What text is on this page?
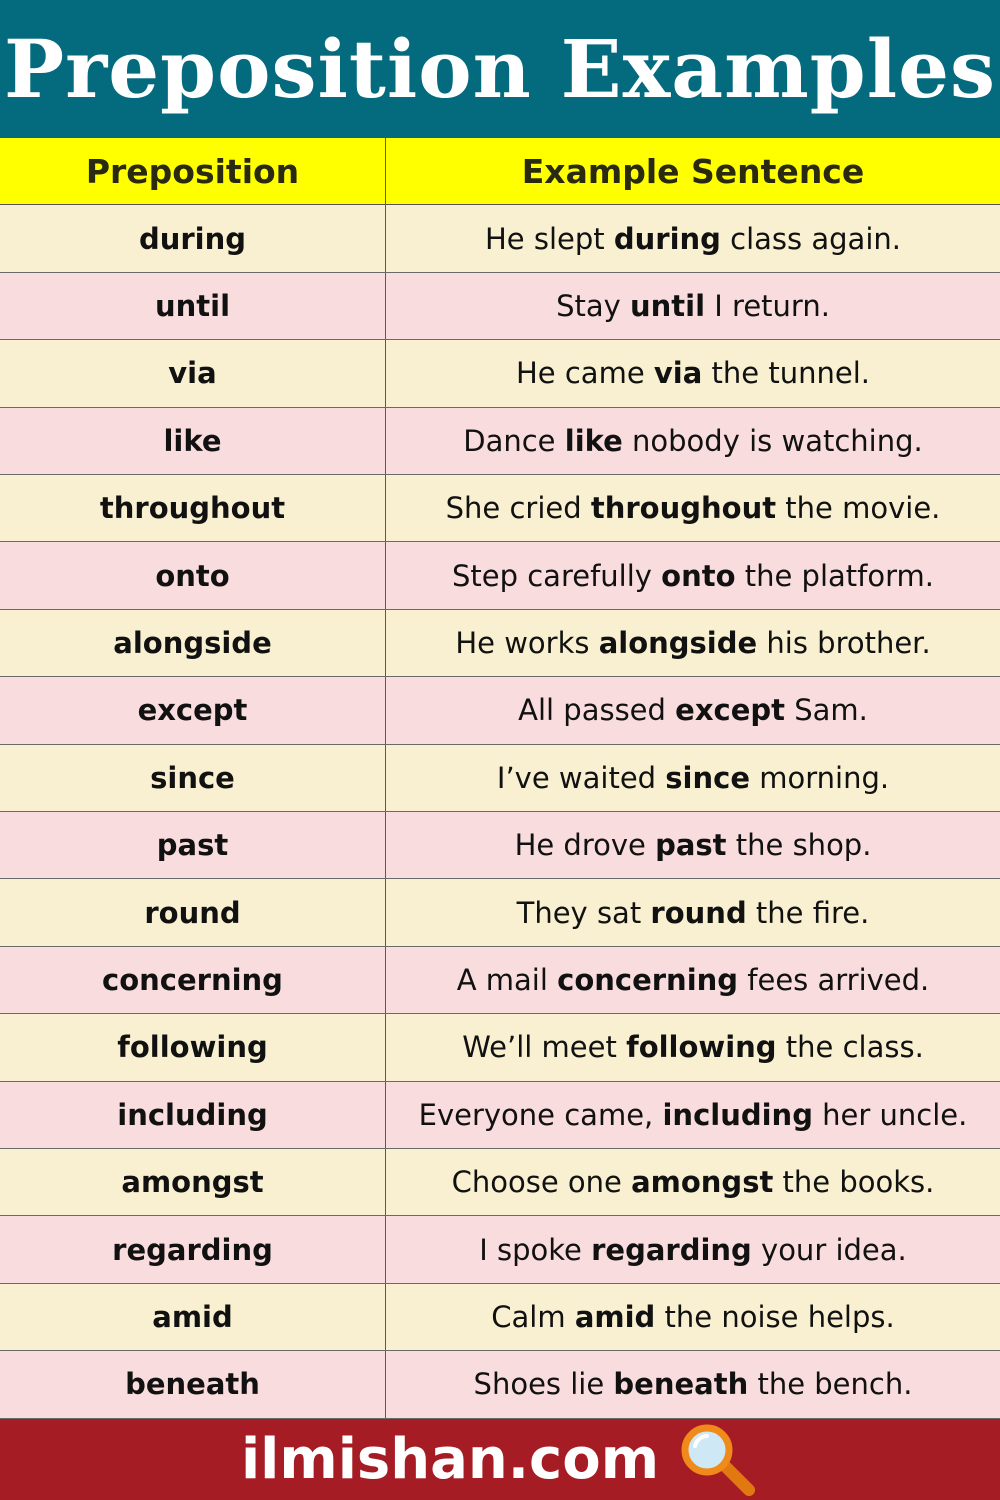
Preposition Examples
Preposition	Example Sentence
during	He slept during class again.
until	Stay until I return.
via	He came via the tunnel.
like	Dance like nobody is watching.
throughout	She cried throughout the movie.
onto	Step carefully onto the platform.
alongside	He works alongside his brother.
except	All passed except Sam.
since	I’ve waited since morning.
past	He drove past the shop.
round	They sat round the fire.
concerning	A mail concerning fees arrived.
following	We’ll meet following the class.
including	Everyone came, including her uncle.
amongst	Choose one amongst the books.
regarding	I spoke regarding your idea.
amid	Calm amid the noise helps.
beneath	Shoes lie beneath the bench.
ilmishan.com
